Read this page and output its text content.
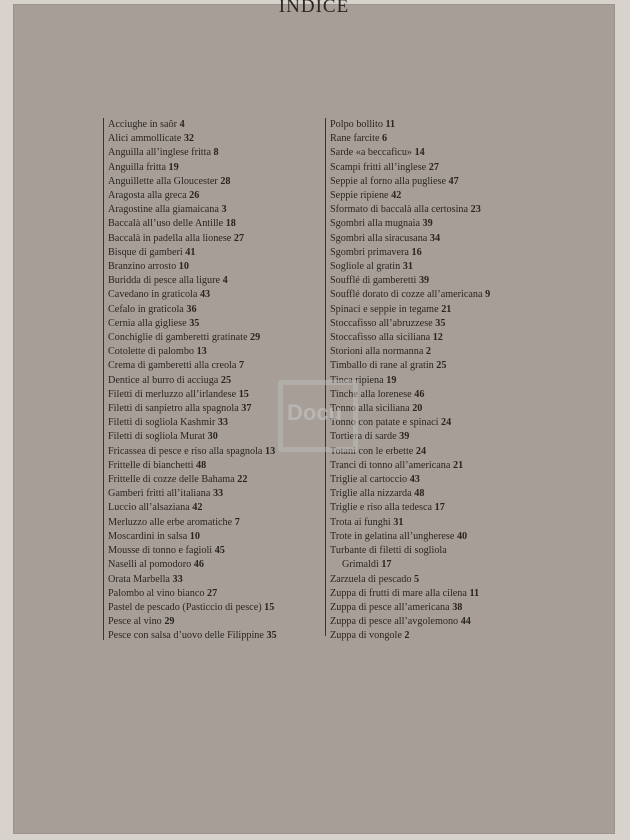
INDICE
Acciughe in saôr 4
Alici ammollicate 32
Anguilla all’inglese fritta 8
Anguilla fritta 19
Anguillette alla Gloucester 28
Aragosta alla greca 26
Aragostine alla giamaicana 3
Baccalà all’uso delle Antille 18
Baccalà in padella alla lionese 27
Bisque di gamberi 41
Branzino arrosto 10
Buridda di pesce alla ligure 4
Cavedano in graticola 43
Cefalo in graticola 36
Cernia alla gigliese 35
Conchiglie di gamberetti gratinate 29
Cotolette di palombo 13
Crema di gamberetti alla creola 7
Dentice al burro di acciuga 25
Filetti di merluzzo all’irlandese 15
Filetti di sanpietro alla spagnola 37
Filetti di sogliola Kashmir 33
Filetti di sogliola Murat 30
Fricassea di pesce e riso alla spagnola 13
Frittelle di bianchetti 48
Frittelle di cozze delle Bahama 22
Gamberi fritti all’italiana 33
Luccio all’alsaziana 42
Merluzzo alle erbe aromatiche 7
Moscardini in salsa 10
Mousse di tonno e fagioli 45
Naselli al pomodoro 46
Orata Marbella 33
Palombo al vino bianco 27
Pastel de pescado (Pasticcio di pesce) 15
Pesce al vino 29
Pesce con salsa d’uovo delle Filippine 35
Polpo bollito 11
Rane farcite 6
Sarde «a beccaficu» 14
Scampi fritti all’inglese 27
Seppie al forno alla pugliese 47
Seppie ripiene 42
Sformato di baccalà alla certosina 23
Sgombri alla mugnaia 39
Sgombri alla siracusana 34
Sgombri primavera 16
Sogliole al gratin 31
Soufflé di gamberetti 39
Soufflé dorato di cozze all’americana 9
Spinaci e seppie in tegame 21
Stoccafisso all’abruzzese 35
Stoccafisso alla siciliana 12
Storioni alla normanna 2
Timballo di rane al gratin 25
Tinca ripiena 19
Tinche alla lorenese 46
Tonno alla siciliana 20
Tonno con patate e spinaci 24
Tortiera di sarde 39
Totani con le erbette 24
Tranci di tonno all’americana 21
Triglie al cartoccio 43
Triglie alla nizzarda 48
Triglie e riso alla tedesca 17
Trota ai funghi 31
Trote in gelatina all’ungherese 40
Turbante di filetti di sogliola
Grimaldi 17
Zarzuela di pescado 5
Zuppa di frutti di mare alla cilena 11
Zuppa di pesce all’americana 38
Zuppa di pesce all’avgolemono 44
Zuppa di vongole 2
Docu
